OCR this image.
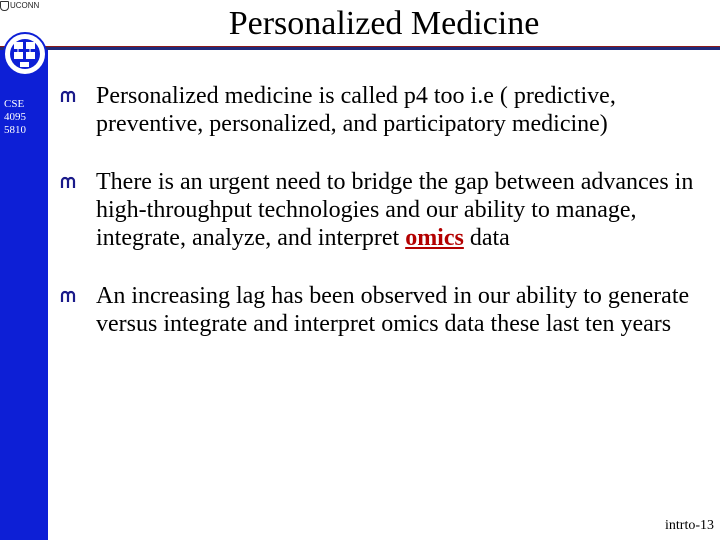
UCONN
CSE
4095
5810
Personalized Medicine
Personalized medicine is called p4 too i.e ( predictive, preventive, personalized, and participatory medicine)
There is an urgent need to bridge the gap between advances in high-throughput technologies and our ability to manage, integrate, analyze, and interpret omics data
An increasing lag has been observed in our ability to generate versus integrate and interpret omics data these last ten years
intrto-13
